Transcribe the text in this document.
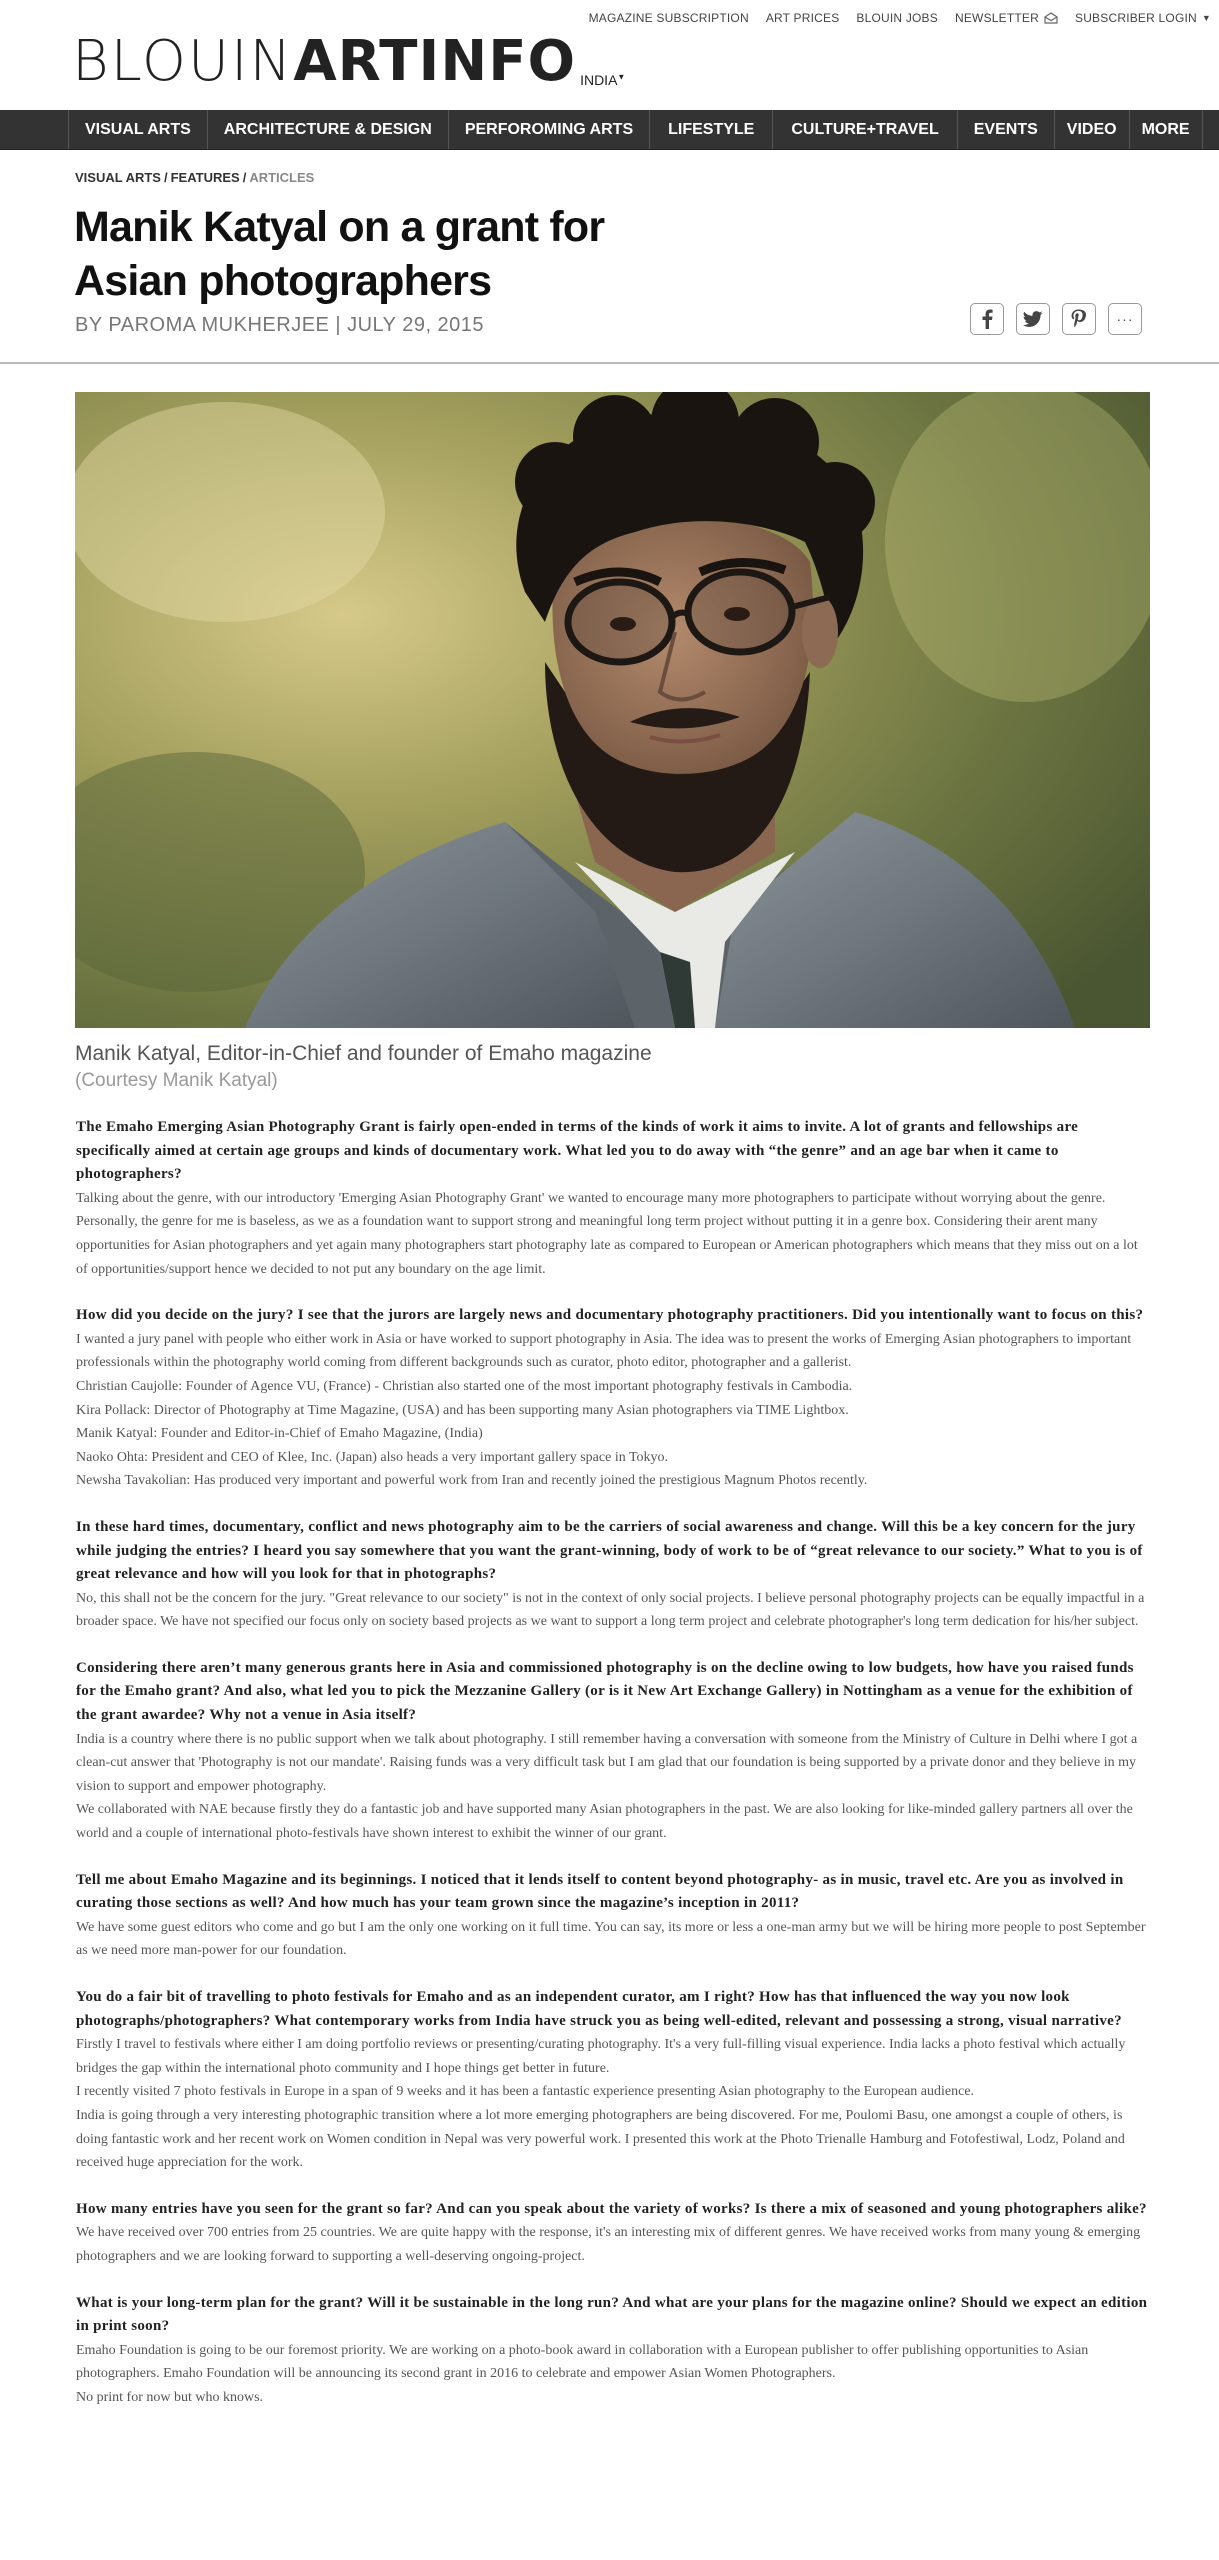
MAGAZINE SUBSCRIPTION ART PRICES BLOUIN JOBS NEWSLETTER	SUBSCRIBER LOGIN ▼
BLOUIN ARTINFO INDIA▼
VISUAL ARTS	ARCHITECTURE & DESIGN	PERFOROMING ARTS	LIFESTYLE	CULTURE+TRAVEL	EVENTS	VIDEO	MORE
VISUAL ARTS / FEATURES / ARTICLES
Manik Katyal on a grant for Asian photographers
BY PAROMA MUKHERJEE | JULY 29, 2015	···
Manik Katyal, Editor-in-Chief and founder of Emaho magazine
(Courtesy Manik Katyal)
The Emaho Emerging Asian Photography Grant is fairly open-ended in terms of the kinds of work it aims to invite. A lot of grants and fellowships are specifically aimed at certain age groups and kinds of documentary work. What led you to do away with “the genre” and an age bar when it came to photographers?

Talking about the genre, with our introductory 'Emerging Asian Photography Grant' we wanted to encourage many more photographers to participate without worrying about the genre. Personally, the genre for me is baseless, as we as a foundation want to support strong and meaningful long term project without putting it in a genre box. Considering their arent many opportunities for Asian photographers and yet again many photographers start photography late as compared to European or American photographers which means that they miss out on a lot of opportunities/support hence we decided to not put any boundary on the age limit.

How did you decide on the jury? I see that the jurors are largely news and documentary photography practitioners. Did you intentionally want to focus on this?

I wanted a jury panel with people who either work in Asia or have worked to support photography in Asia. The idea was to present the works of Emerging Asian photographers to important professionals within the photography world coming from different backgrounds such as curator, photo editor, photographer and a gallerist.

Christian Caujolle: Founder of Agence VU, (France) - Christian also started one of the most important photography festivals in Cambodia.

Kira Pollack: Director of Photography at Time Magazine, (USA) and has been supporting many Asian photographers via TIME Lightbox.

Manik Katyal: Founder and Editor-in-Chief of Emaho Magazine, (India)

Naoko Ohta: President and CEO of Klee, Inc. (Japan) also heads a very important gallery space in Tokyo.

Newsha Tavakolian: Has produced very important and powerful work from Iran and recently joined the prestigious Magnum Photos recently.

In these hard times, documentary, conflict and news photography aim to be the carriers of social awareness and change. Will this be a key concern for the jury while judging the entries? I heard you say somewhere that you want the grant-winning, body of work to be of “great relevance to our society.” What to you is of great relevance and how will you look for that in photographs?

No, this shall not be the concern for the jury. "Great relevance to our society" is not in the context of only social projects. I believe personal photography projects can be equally impactful in a broader space. We have not specified our focus only on society based projects as we want to support a long term project and celebrate photographer's long term dedication for his/her subject.

Considering there aren’t many generous grants here in Asia and commissioned photography is on the decline owing to low budgets, how have you raised funds for the Emaho grant? And also, what led you to pick the Mezzanine Gallery (or is it New Art Exchange Gallery) in Nottingham as a venue for the exhibition of the grant awardee? Why not a venue in Asia itself?

India is a country where there is no public support when we talk about photography. I still remember having a conversation with someone from the Ministry of Culture in Delhi where I got a clean-cut answer that 'Photography is not our mandate'. Raising funds was a very difficult task but I am glad that our foundation is being supported by a private donor and they believe in my vision to support and empower photography.

We collaborated with NAE because firstly they do a fantastic job and have supported many Asian photographers in the past. We are also looking for like-minded gallery partners all over the world and a couple of international photo-festivals have shown interest to exhibit the winner of our grant.

Tell me about Emaho Magazine and its beginnings. I noticed that it lends itself to content beyond photography- as in music, travel etc. Are you as involved in curating those sections as well? And how much has your team grown since the magazine’s inception in 2011?

We have some guest editors who come and go but I am the only one working on it full time. You can say, its more or less a one-man army but we will be hiring more people to post September as we need more man-power for our foundation.

You do a fair bit of travelling to photo festivals for Emaho and as an independent curator, am I right? How has that influenced the way you now look photographs/photographers? What contemporary works from India have struck you as being well-edited, relevant and possessing a strong, visual narrative?

Firstly I travel to festivals where either I am doing portfolio reviews or presenting/curating photography. It's a very full-filling visual experience. India lacks a photo festival which actually bridges the gap within the international photo community and I hope things get better in future.

I recently visited 7 photo festivals in Europe in a span of 9 weeks and it has been a fantastic experience presenting Asian photography to the European audience.

India is going through a very interesting photographic transition where a lot more emerging photographers are being discovered. For me, Poulomi Basu, one amongst a couple of others, is doing fantastic work and her recent work on Women condition in Nepal was very powerful work. I presented this work at the Photo Trienalle Hamburg and Fotofestiwal, Lodz, Poland and received huge appreciation for the work.

How many entries have you seen for the grant so far? And can you speak about the variety of works? Is there a mix of seasoned and young photographers alike?

We have received over 700 entries from 25 countries. We are quite happy with the response, it's an interesting mix of different genres. We have received works from many young & emerging photographers and we are looking forward to supporting a well-deserving ongoing-project.

What is your long-term plan for the grant? Will it be sustainable in the long run? And what are your plans for the magazine online? Should we expect an edition in print soon?

Emaho Foundation is going to be our foremost priority. We are working on a photo-book award in collaboration with a European publisher to offer publishing opportunities to Asian photographers. Emaho Foundation will be announcing its second grant in 2016 to celebrate and empower Asian Women Photographers.

No print for now but who knows.
